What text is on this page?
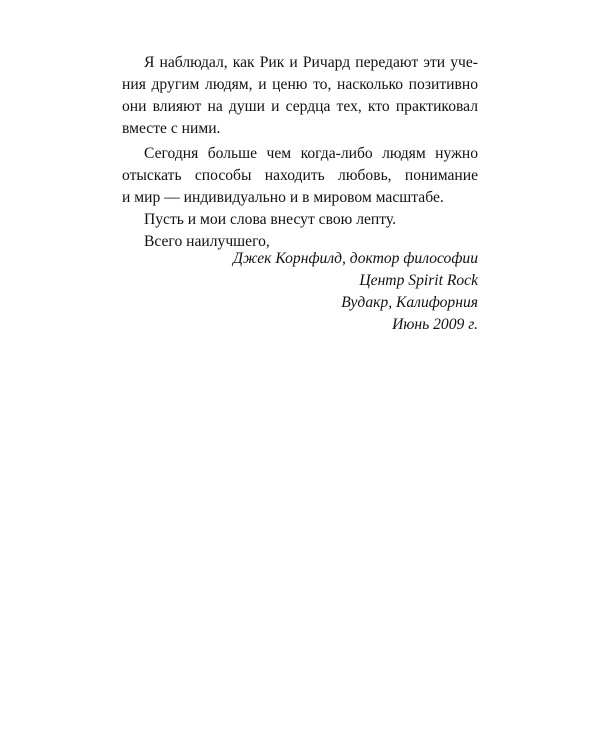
Я наблюдал, как Рик и Ричард передают эти уче-
ния другим людям, и ценю то, насколько позитивно
они влияют на души и сердца тех, кто практиковал
вместе с ними.
Сегодня больше чем когда-либо людям нужно
отыскать способы находить любовь, понимание
и мир — индивидуально и в мировом масштабе.
Пусть и мои слова внесут свою лепту.
Всего наилучшего,
Джек Корнфилд, доктор философии
Центр Spirit Rock
Вудакр, Калифорния
Июнь 2009 г.
